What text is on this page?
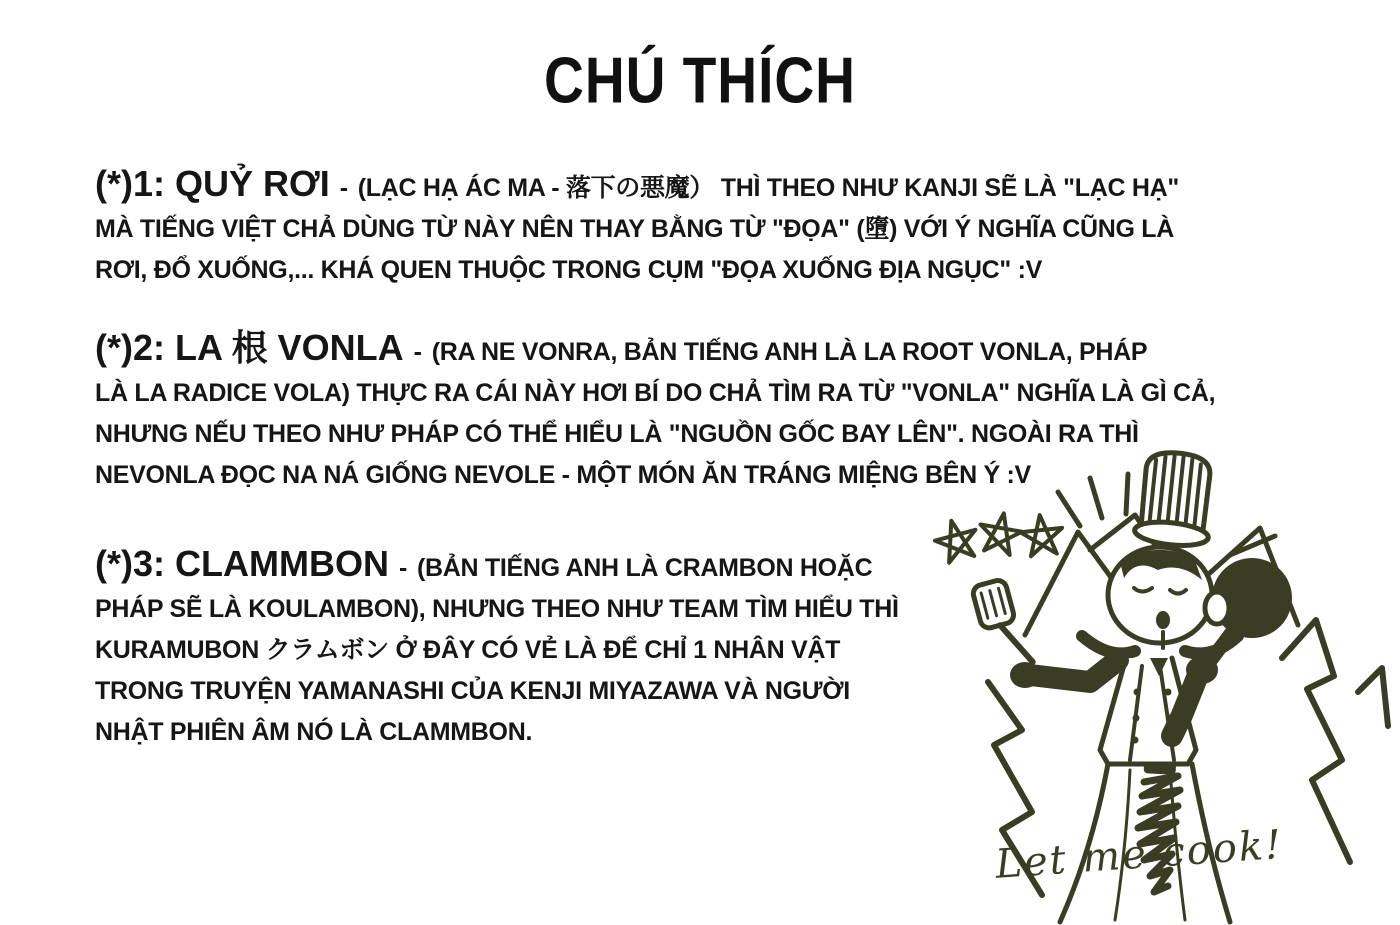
CHÚ THÍCH
(*)1: QUỶ RƠI - (LẠC HẠ ÁC MA - 落下の悪魔） THÌ THEO NHƯ KANJI SẼ LÀ "LẠC HẠ"
MÀ TIẾNG VIỆT CHẢ DÙNG TỪ NÀY NÊN THAY BẰNG TỪ "ĐỌA" (墮) VỚI Ý NGHĨA CŨNG LÀ
RƠI, ĐỔ XUỐNG,... KHÁ QUEN THUỘC TRONG CỤM "ĐỌA XUỐNG ĐỊA NGỤC" :V
(*)2: LA 根 VONLA - (RA NE VONRA, BẢN TIẾNG ANH LÀ LA ROOT VONLA, PHÁP
LÀ LA RADICE VOLA) THỰC RA CÁI NÀY HƠI BÍ DO CHẢ TÌM RA TỪ "VONLA" NGHĨA LÀ GÌ CẢ,
NHƯNG NẾU THEO NHƯ PHÁP CÓ THỂ HIỂU LÀ "NGUỒN GỐC BAY LÊN". NGOÀI RA THÌ
NEVONLA ĐỌC NA NÁ GIỐNG NEVOLE - MỘT MÓN ĂN TRÁNG MIỆNG BÊN Ý :V
(*)3: CLAMMBON - (BẢN TIẾNG ANH LÀ CRAMBON HOẶC
PHÁP SẼ LÀ KOULAMBON), NHƯNG THEO NHƯ TEAM TÌM HIỂU THÌ
KURAMUBON クラムボン Ở ĐÂY CÓ VẺ LÀ ĐỂ CHỈ 1 NHÂN VẬT
TRONG TRUYỆN YAMANASHI CỦA KENJI MIYAZAWA VÀ NGƯỜI
NHẬT PHIÊN ÂM NÓ LÀ CLAMMBON.
Let me cook!
